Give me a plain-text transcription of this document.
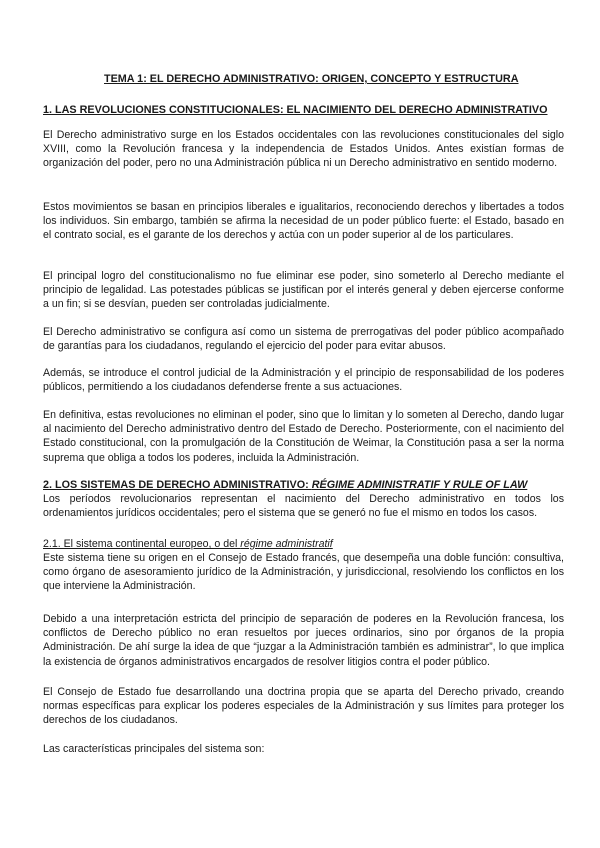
TEMA 1: EL DERECHO ADMINISTRATIVO: ORIGEN, CONCEPTO Y ESTRUCTURA
1. LAS REVOLUCIONES CONSTITUCIONALES: EL NACIMIENTO DEL DERECHO ADMINISTRATIVO

El Derecho administrativo surge en los Estados occidentales con las revoluciones constitucionales del siglo XVIII, como la Revolución francesa y la independencia de Estados Unidos. Antes existían formas de organización del poder, pero no una Administración pública ni un Derecho administrativo en sentido moderno.

Estos movimientos se basan en principios liberales e igualitarios, reconociendo derechos y libertades a todos los individuos. Sin embargo, también se afirma la necesidad de un poder público fuerte: el Estado, basado en el contrato social, es el garante de los derechos y actúa con un poder superior al de los particulares.

El principal logro del constitucionalismo no fue eliminar ese poder, sino someterlo al Derecho mediante el principio de legalidad. Las potestades públicas se justifican por el interés general y deben ejercerse conforme a un fin; si se desvían, pueden ser controladas judicialmente.

El Derecho administrativo se configura así como un sistema de prerrogativas del poder público acompañado de garantías para los ciudadanos, regulando el ejercicio del poder para evitar abusos.

Además, se introduce el control judicial de la Administración y el principio de responsabilidad de los poderes públicos, permitiendo a los ciudadanos defenderse frente a sus actuaciones.

En definitiva, estas revoluciones no eliminan el poder, sino que lo limitan y lo someten al Derecho, dando lugar al nacimiento del Derecho administrativo dentro del Estado de Derecho. Posteriormente, con el nacimiento del Estado constitucional, con la promulgación de la Constitución de Weimar, la Constitución pasa a ser la norma suprema que obliga a todos los poderes, incluida la Administración.

2. LOS SISTEMAS DE DERECHO ADMINISTRATIVO: RÉGIME ADMINISTRATIF Y RULE OF LAW

Los períodos revolucionarios representan el nacimiento del Derecho administrativo en todos los ordenamientos jurídicos occidentales; pero el sistema que se generó no fue el mismo en todos los casos.

2.1. El sistema continental europeo, o del régime administratif

Este sistema tiene su origen en el Consejo de Estado francés, que desempeña una doble función: consultiva, como órgano de asesoramiento jurídico de la Administración, y jurisdiccional, resolviendo los conflictos en los que interviene la Administración.

Debido a una interpretación estricta del principio de separación de poderes en la Revolución francesa, los conflictos de Derecho público no eran resueltos por jueces ordinarios, sino por órganos de la propia Administración. De ahí surge la idea de que “juzgar a la Administración también es administrar”, lo que implica la existencia de órganos administrativos encargados de resolver litigios contra el poder público.

El Consejo de Estado fue desarrollando una doctrina propia que se aparta del Derecho privado, creando normas específicas para explicar los poderes especiales de la Administración y sus límites para proteger los derechos de los ciudadanos.

Las características principales del sistema son:
